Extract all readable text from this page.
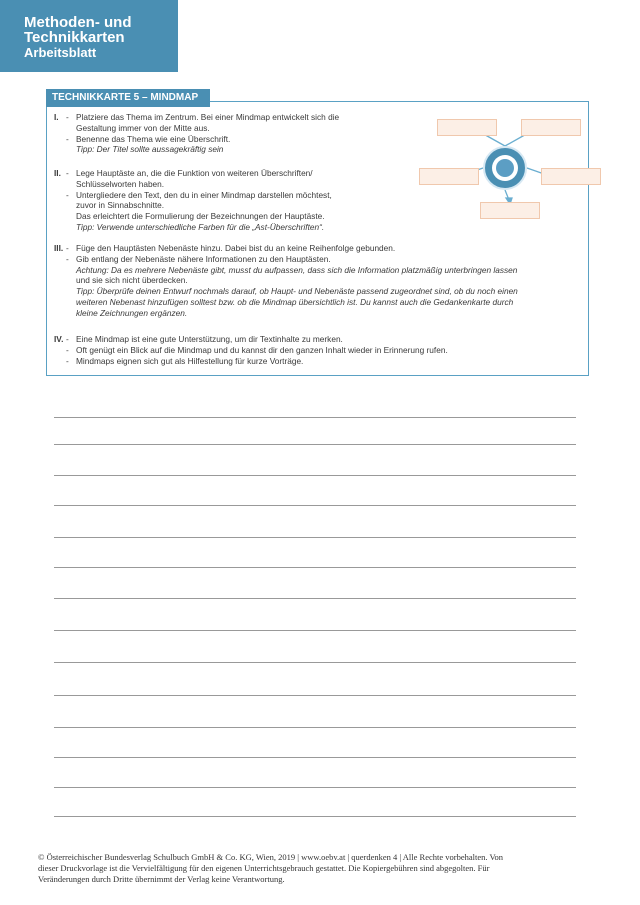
Methoden- und
Technikkarten
Arbeitsblatt
TECHNIKKARTE 5 – MINDMAP
I. - Platziere das Thema im Zentrum. Bei einer Mindmap entwickelt sich die
Gestaltung immer von der Mitte aus.
- Benenne das Thema wie eine Überschrift.
Tipp: Der Titel sollte aussagekräftig sein
II. - Lege Hauptäste an, die die Funktion von weiteren Überschriften/
Schlüsselworten haben.
- Untergliedere den Text, den du in einer Mindmap darstellen möchtest,
zuvor in Sinnabschnitte.
Das erleichtert die Formulierung der Bezeichnungen der Hauptäste.
Tipp: Verwende unterschiedliche Farben für die „Ast-Überschriften“.
III. - Füge den Hauptästen Nebenäste hinzu. Dabei bist du an keine Reihenfolge gebunden.
- Gib entlang der Nebenäste nähere Informationen zu den Hauptästen.
Achtung: Da es mehrere Nebenäste gibt, musst du aufpassen, dass sich die Information platzmäßig unterbringen lassen
und sie sich nicht überdecken.
Tipp: Überprüfe deinen Entwurf nochmals darauf, ob Haupt- und Nebenäste passend zugeordnet sind, ob du noch einen
weiteren Nebenast hinzufügen solltest bzw. ob die Mindmap übersichtlich ist. Du kannst auch die Gedankenkarte durch
kleine Zeichnungen ergänzen.
IV. - Eine Mindmap ist eine gute Unterstützung, um dir Textinhalte zu merken.
- Oft genügt ein Blick auf die Mindmap und du kannst dir den ganzen Inhalt wieder in Erinnerung rufen.
- Mindmaps eignen sich gut als Hilfestellung für kurze Vorträge.
© Österreichischer Bundesverlag Schulbuch GmbH & Co. KG, Wien, 2019 | www.oebv.at | querdenken 4 | Alle Rechte vorbehalten. Von
dieser Druckvorlage ist die Vervielfältigung für den eigenen Unterrichtsgebrauch gestattet. Die Kopiergebühren sind abgegolten. Für
Veränderungen durch Dritte übernimmt der Verlag keine Verantwortung.
